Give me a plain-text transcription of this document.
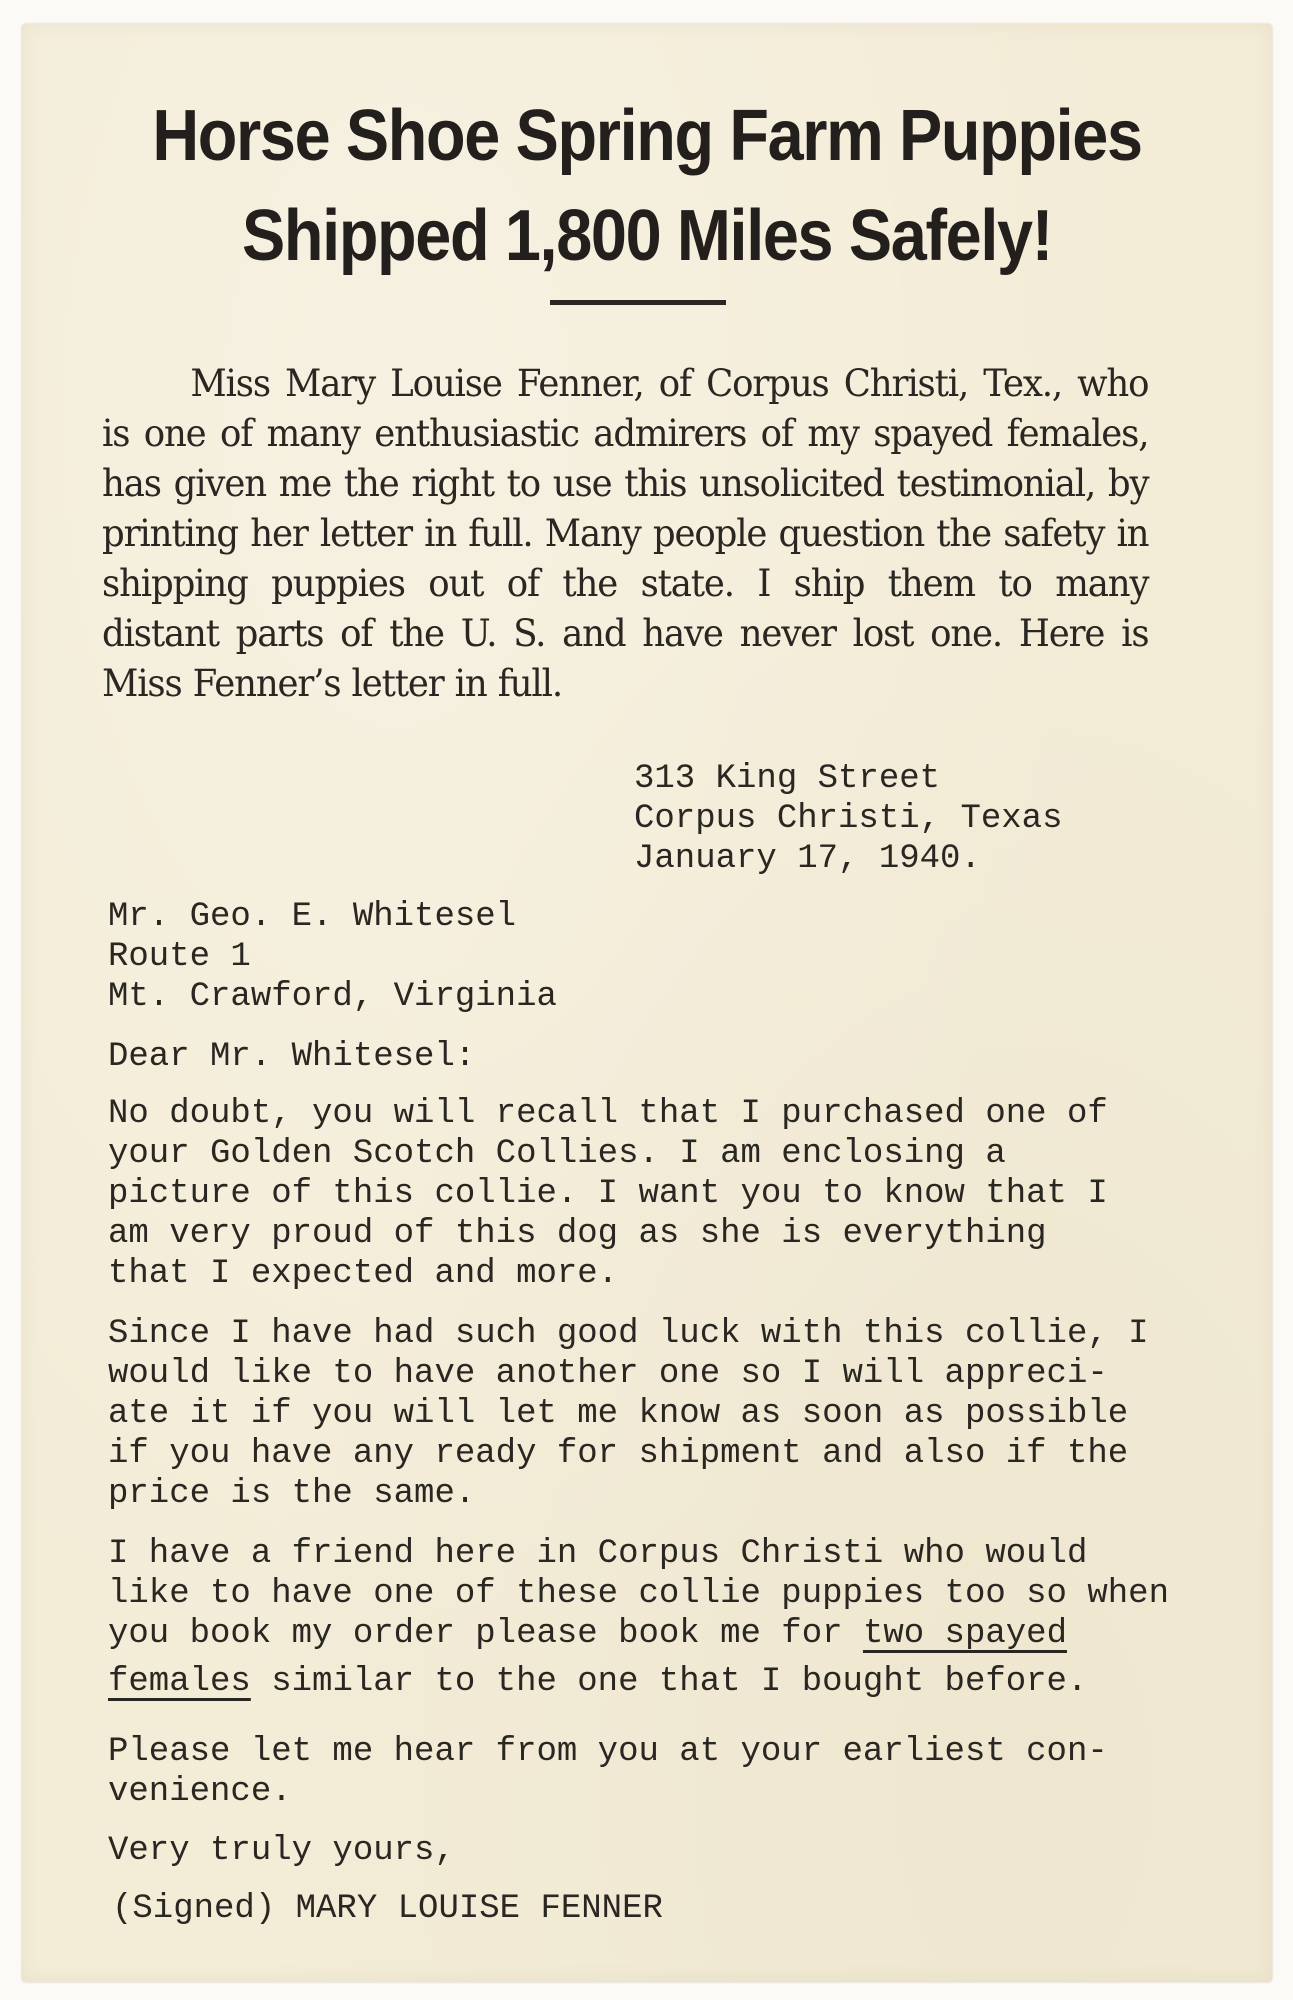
Horse Shoe Spring Farm Puppies
Shipped 1,800 Miles Safely!

Miss Mary Louise Fenner, of Corpus Christi, Tex., who is one of many enthusiastic admirers of my spayed females, has given me the right to use this unsolicited testimonial, by printing her letter in full. Many people question the safety in shipping puppies out of the state. I ship them to many distant parts of the U. S. and have never lost one. Here is Miss Fenner’s letter in full.

313 King Street
Corpus Christi, Texas
January 17, 1940.
Mr. Geo. E. Whitesel
Route 1
Mt. Crawford, Virginia
Dear Mr. Whitesel:
No doubt, you will recall that I purchased one of
your Golden Scotch Collies. I am enclosing a
picture of this collie. I want you to know that I
am very proud of this dog as she is everything
that I expected and more.
Since I have had such good luck with this collie, I
would like to have another one so I will appreci-
ate it if you will let me know as soon as possible
if you have any ready for shipment and also if the
price is the same.
I have a friend here in Corpus Christi who would
like to have one of these collie puppies too so when
you book my order please book me for two spayed
females similar to the one that I bought before.
Please let me hear from you at your earliest con-
venience.
Very truly yours,
(Signed) MARY LOUISE FENNER
